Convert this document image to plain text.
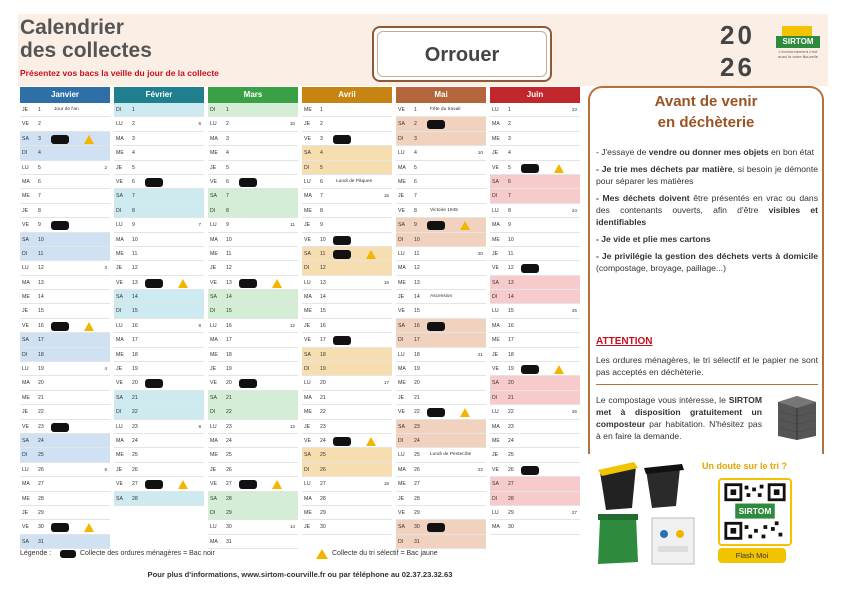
Calendrier
des collectes
Présentez vos bacs la veille du jour de la collecte
Orrouer
20
26
SIRTOM
L'environnement c'est aussi la votre Nouvelle
Janvier
JE 1	Jour de l'an
VE 2
SA 3
DI 4
LU 5	2
MA 6
ME 7
JE 8
VE 9
SA 10
DI 11
LU 12	3
MA 13
ME 14
JE 15
VE 16
SA 17
DI 18
LU 19	4
MA 20
ME 21
JE 22
VE 23
SA 24
DI 25
LU 26	5
MA 27
ME 28
JE 29
VE 30
SA 31
Février
DI 1
LU 2	6
MA 3
ME 4
JE 5
VE 6
SA 7
DI 8
LU 9	7
MA 10
ME 11
JE 12
VE 13
SA 14
DI 15
LU 16	8
MA 17
ME 18
JE 19
VE 20
SA 21
DI 22
LU 23	9
MA 24
ME 25
JE 26
VE 27
SA 28
Mars
DI 1
LU 2	10
MA 3
ME 4
JE 5
VE 6
SA 7
DI 8
LU 9	11
MA 10
ME 11
JE 12
VE 13
SA 14
DI 15
LU 16	12
MA 17
ME 18
JE 19
VE 20
SA 21
DI 22
LU 23	13
MA 24
ME 25
JE 26
VE 27
SA 28
DI 29
LU 30	14
MA 31
Avril
ME 1
JE 2
VE 3
SA 4
DI 5
LU 6	Lundi de Pâques
MA 7	15
ME 8
JE 9
VE 10
SA 11
DI 12
LU 13	16
MA 14
ME 15
JE 16
VE 17
SA 18
DI 19
LU 20	17
MA 21
ME 22
JE 23
VE 24
SA 25
DI 26
LU 27	18
MA 28
ME 29
JE 30
Mai
VE 1	Fête du travail
SA 2
DI 3
LU 4	10
MA 5
ME 6
JE 7
VE 8	Victoire 1945
SA 9
DI 10
LU 11	20
MA 12
ME 13
JE 14 Ascension
VE 15
SA 16
DI 17
LU 18	21
MA 19
ME 20
JE 21
VE 22
SA 23
DI 24
LU 25 Lundi de Pentecôte
MA 26	22
ME 27
JE 28
VE 29
SA 30
DI 31
Juin
LU 1	23
MA 2
ME 3
JE 4
VE 5
SA 6
DI 7
LU 8	24
MA 9
ME 10
JE 11
VE 12
SA 13
DI 14
LU 15	25
MA 16
ME 17
JE 18
VE 19
SA 20
DI 21
LU 22	26
MA 23
ME 24
JE 25
VE 26
SA 27
DI 28
LU 29	27
MA 30
Avant de venir
en déchèterie

- J'essaye de vendre ou donner mes objets en bon état

- Je trie mes déchets par matière, si besoin je démonte pour séparer les matières

- Mes déchets doivent être présentés en vrac ou dans des contenants ouverts, afin d'être visibles et identifiables

- Je vide et plie mes cartons

- Je privilégie la gestion des déchets verts à domicile (compostage, broyage, paillage...)

ATTENTION
Les ordures ménagères, le tri sélectif et le papier ne sont pas acceptés en déchèterie.
Le compostage vous intéresse, le SIRTOM met à disposition gratuitement un composteur par habitation. N'hésitez pas à en faire la demande.
Un doute sur le tri ?
SIRTOM
Flash Moi
Légende :	Collecte des ordures ménagères = Bac noir	Collecte du tri sélectif = Bac jaune
Pour plus d'informations, www.sirtom-courville.fr ou par téléphone au 02.37.23.32.63
